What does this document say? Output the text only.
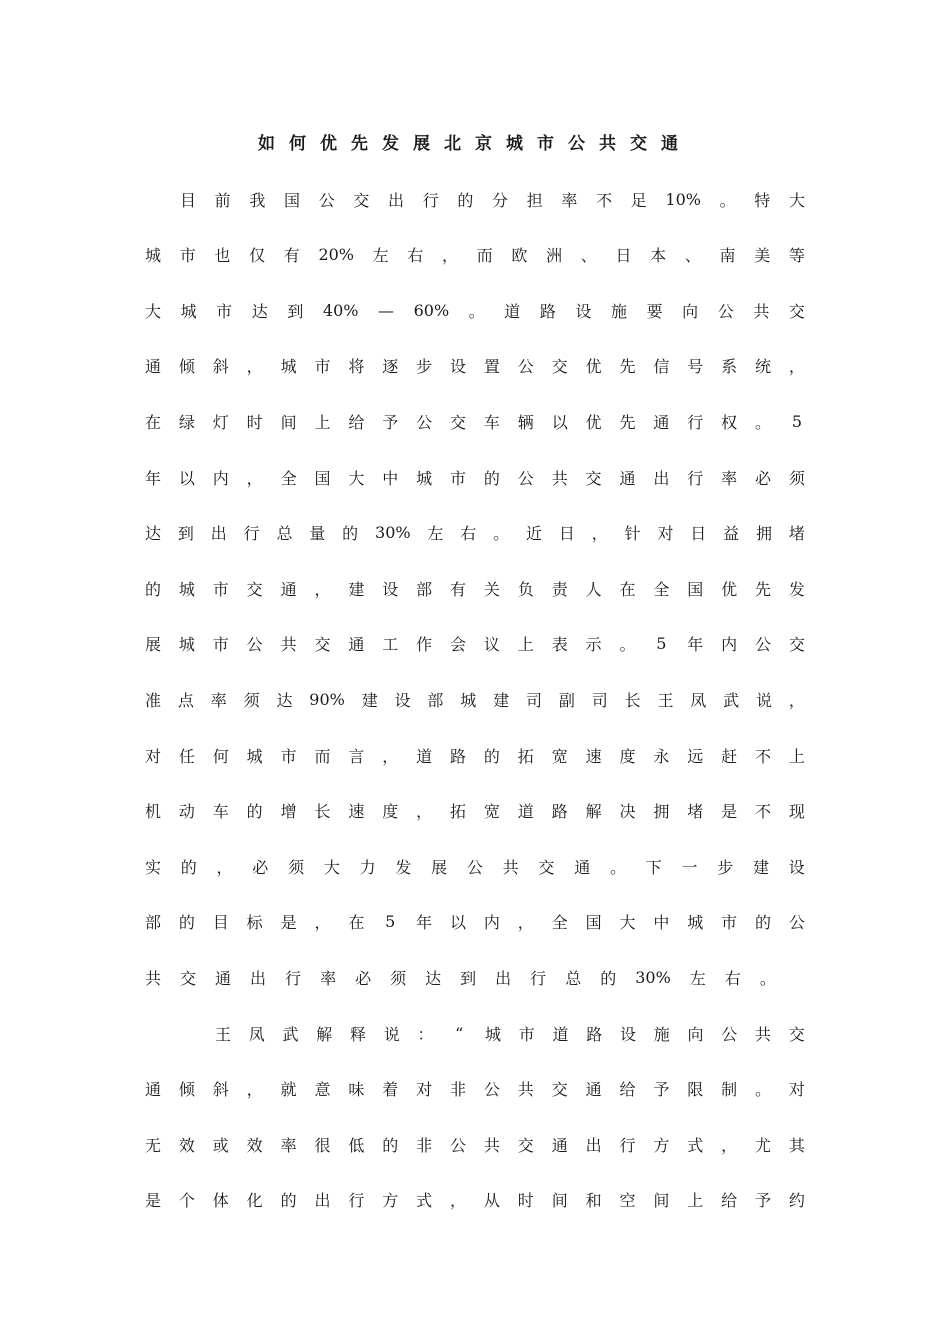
如何优先发展北京城市公共交通
目 前 我 国 公 交 出 行 的 分 担 率 不 足 10% 。 特 大
城 市 也 仅 有 20% 左 右 ， 而 欧 洲 、 日 本 、 南 美 等
大 城 市 达 到 40% — 60% 。 道 路 设 施 要 向 公 共 交
通 倾 斜 ， 城 市 将 逐 步 设 置 公 交 优 先 信 号 系 统 ，
在 绿 灯 时 间 上 给 予 公 交 车 辆 以 优 先 通 行 权 。 5
年 以 内 ， 全 国 大 中 城 市 的 公 共 交 通 出 行 率 必 须
达 到 出 行 总 量 的 30% 左 右 。 近 日 ， 针 对 日 益 拥 堵
的 城 市 交 通 ， 建 设 部 有 关 负 责 人 在 全 国 优 先 发
展 城 市 公 共 交 通 工 作 会 议 上 表 示 。 5 年 内 公 交
准 点 率 须 达 90% 建 设 部 城 建 司 副 司 长 王 凤 武 说 ，
对 任 何 城 市 而 言 ， 道 路 的 拓 宽 速 度 永 远 赶 不 上
机 动 车 的 增 长 速 度 ， 拓 宽 道 路 解 决 拥 堵 是 不 现
实 的 ， 必 须 大 力 发 展 公 共 交 通 。 下 一 步 建 设
部 的 目 标 是 ， 在 5 年 以 内 ， 全 国 大 中 城 市 的 公
共 交 通 出 行 率 必 须 达 到 出 行 总 的 30% 左 右 。
王 凤 武 解 释 说 ： “ 城 市 道 路 设 施 向 公 共 交
通 倾 斜 ， 就 意 味 着 对 非 公 共 交 通 给 予 限 制 。 对
无 效 或 效 率 很 低 的 非 公 共 交 通 出 行 方 式 ， 尤 其
是 个 体 化 的 出 行 方 式 ， 从 时 间 和 空 间 上 给 予 约
